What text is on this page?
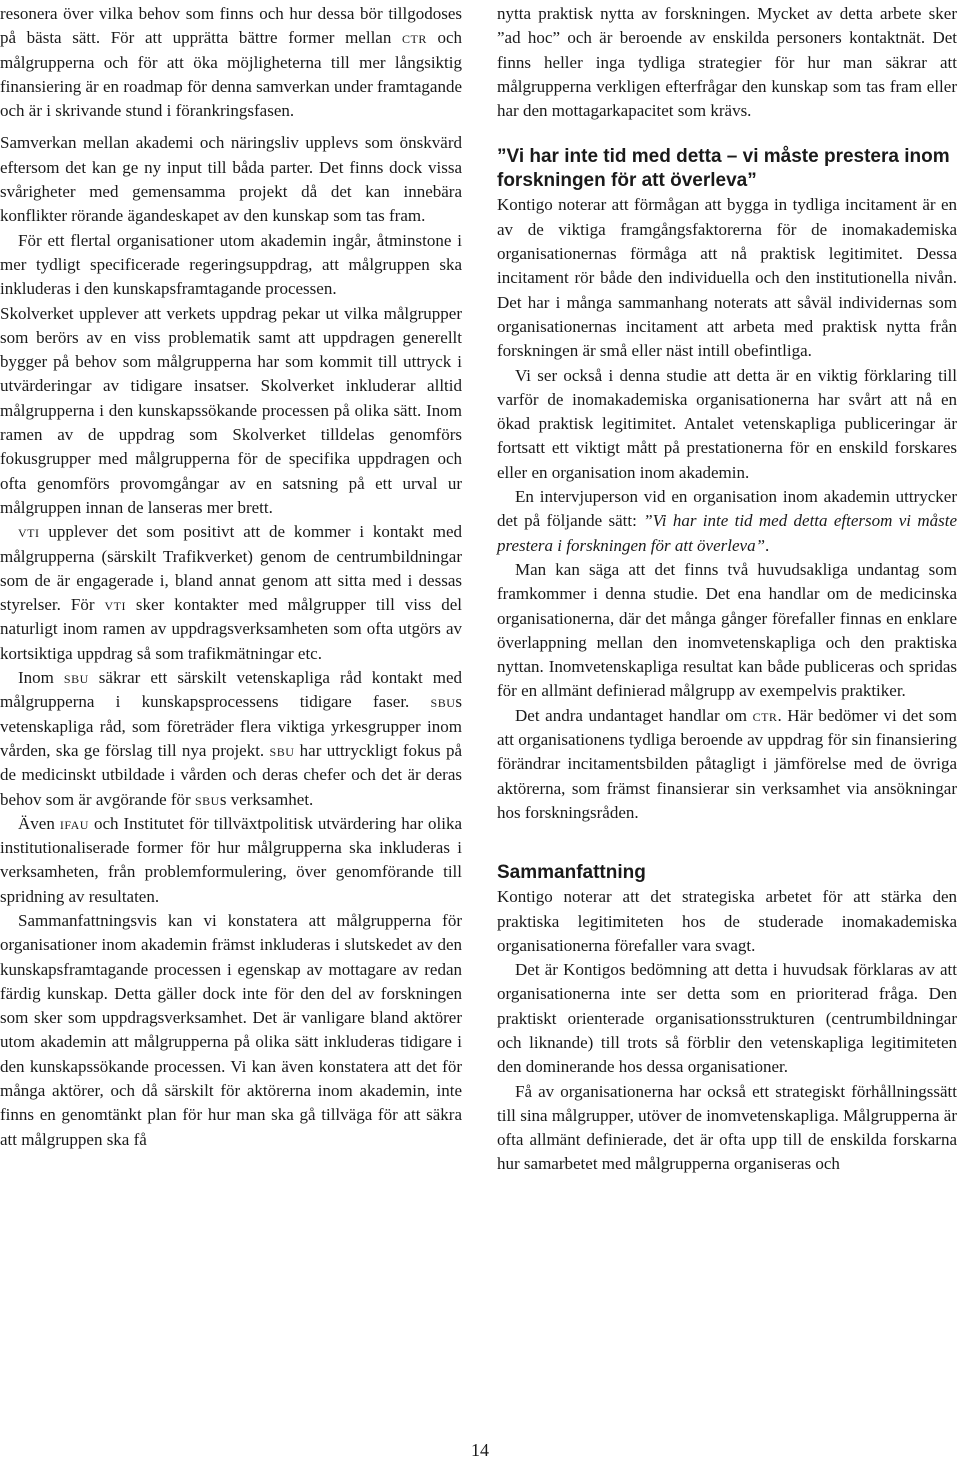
resonera över vilka behov som finns och hur dessa bör tillgodoses på bästa sätt. För att upprätta bättre former mellan ctr och målgrupperna och för att öka möjligheterna till mer långsiktig finansiering är en roadmap för denna samverkan under framtagande och är i skrivande stund i förankringsfasen.

Samverkan mellan akademi och näringsliv upplevs som önskvärd eftersom det kan ge ny input till båda parter. Det finns dock vissa svårigheter med gemensamma projekt då det kan innebära konflikter rörande ägandeskapet av den kunskap som tas fram.

För ett flertal organisationer utom akademin ingår, åtminstone i mer tydligt specificerade regeringsuppdrag, att målgruppen ska inkluderas i den kunskapsframtagande processen.

Skolverket upplever att verkets uppdrag pekar ut vilka målgrupper som berörs av en viss problematik samt att uppdragen generellt bygger på behov som målgrupperna har som kommit till uttryck i utvärderingar av tidigare insatser. Skolverket inkluderar alltid målgrupperna i den kunskapssökande processen på olika sätt. Inom ramen av de uppdrag som Skolverket tilldelas genomförs fokusgrupper med målgrupperna för de specifika uppdragen och ofta genomförs provomgångar av en satsning på ett urval ur målgruppen innan de lanseras mer brett.

vti upplever det som positivt att de kommer i kontakt med målgrupperna (särskilt Trafikverket) genom de centrumbildningar som de är engagerade i, bland annat genom att sitta med i dessas styrelser. För vti sker kontakter med målgrupper till viss del naturligt inom ramen av uppdragsverksamheten som ofta utgörs av kortsiktiga uppdrag så som trafikmätningar etc.

Inom sbu säkrar ett särskilt vetenskapliga råd kontakt med målgrupperna i kunskapsprocessens tidigare faser. sbus vetenskapliga råd, som företräder flera viktiga yrkesgrupper inom vården, ska ge förslag till nya projekt. sbu har uttryckligt fokus på de medicinskt utbildade i vården och deras chefer och det är deras behov som är avgörande för sbus verksamhet.

Även ifau och Institutet för tillväxtpolitisk utvärdering har olika institutionaliserade former för hur målgrupperna ska inkluderas i verksamheten, från problemformulering, över genomförande till spridning av resultaten.

Sammanfattningsvis kan vi konstatera att målgrupperna för organisationer inom akademin främst inkluderas i slutskedet av den kunskapsframtagande processen i egenskap av mottagare av redan färdig kunskap. Detta gäller dock inte för den del av forskningen som sker som uppdragsverksamhet. Det är vanligare bland aktörer utom akademin att målgrupperna på olika sätt inkluderas tidigare i den kunskapssökande processen. Vi kan även konstatera att det för många aktörer, och då särskilt för aktörerna inom akademin, inte finns en genomtänkt plan för hur man ska gå tillväga för att säkra att målgruppen ska få

nytta praktisk nytta av forskningen. Mycket av detta arbete sker ”ad hoc” och är beroende av enskilda personers kontaktnät. Det finns heller inga tydliga strategier för hur man säkrar att målgrupperna verkligen efterfrågar den kunskap som tas fram eller har den mottagarkapacitet som krävs.

”Vi har inte tid med detta – vi måste prestera inom forskningen för att överleva”

Kontigo noterar att förmågan att bygga in tydliga incitament är en av de viktiga framgångsfaktorerna för de inomakademiska organisationernas förmåga att nå praktisk legitimitet. Dessa incitament rör både den individuella och den institutionella nivån. Det har i många sammanhang noterats att såväl individernas som organisationernas incitament att arbeta med praktisk nytta från forskningen är små eller näst intill obefintliga.

Vi ser också i denna studie att detta är en viktig förklaring till varför de inomakademiska organisationerna har svårt att nå en ökad praktisk legitimitet. Antalet vetenskapliga publiceringar är fortsatt ett viktigt mått på prestationerna för en enskild forskares eller en organisation inom akademin.

En intervjuperson vid en organisation inom akademin uttrycker det på följande sätt: ”Vi har inte tid med detta eftersom vi måste prestera i forskningen för att överleva”.

Man kan säga att det finns två huvudsakliga undantag som framkommer i denna studie. Det ena handlar om de medicinska organisationerna, där det många gånger förefaller finnas en enklare överlappning mellan den inomvetenskapliga och den praktiska nyttan. Inomvetenskapliga resultat kan både publiceras och spridas för en allmänt definierad målgrupp av exempelvis praktiker.

Det andra undantaget handlar om ctr. Här bedömer vi det som att organisationens tydliga beroende av uppdrag för sin finansiering förändrar incitamentsbilden påtagligt i jämförelse med de övriga aktörerna, som främst finansierar sin verksamhet via ansökningar hos forskningsråden.

Sammanfattning

Kontigo noterar att det strategiska arbetet för att stärka den praktiska legitimiteten hos de studerade inomakademiska organisationerna förefaller vara svagt.

Det är Kontigos bedömning att detta i huvudsak förklaras av att organisationerna inte ser detta som en prioriterad fråga. Den praktiskt orienterade organisationsstrukturen (centrumbildningar och liknande) till trots så förblir den vetenskapliga legitimiteten den dominerande hos dessa organisationer.

Få av organisationerna har också ett strategiskt förhållningssätt till sina målgrupper, utöver de inomvetenskapliga. Målgrupperna är ofta allmänt definierade, det är ofta upp till de enskilda forskarna hur samarbetet med målgrupperna organiseras och

14
